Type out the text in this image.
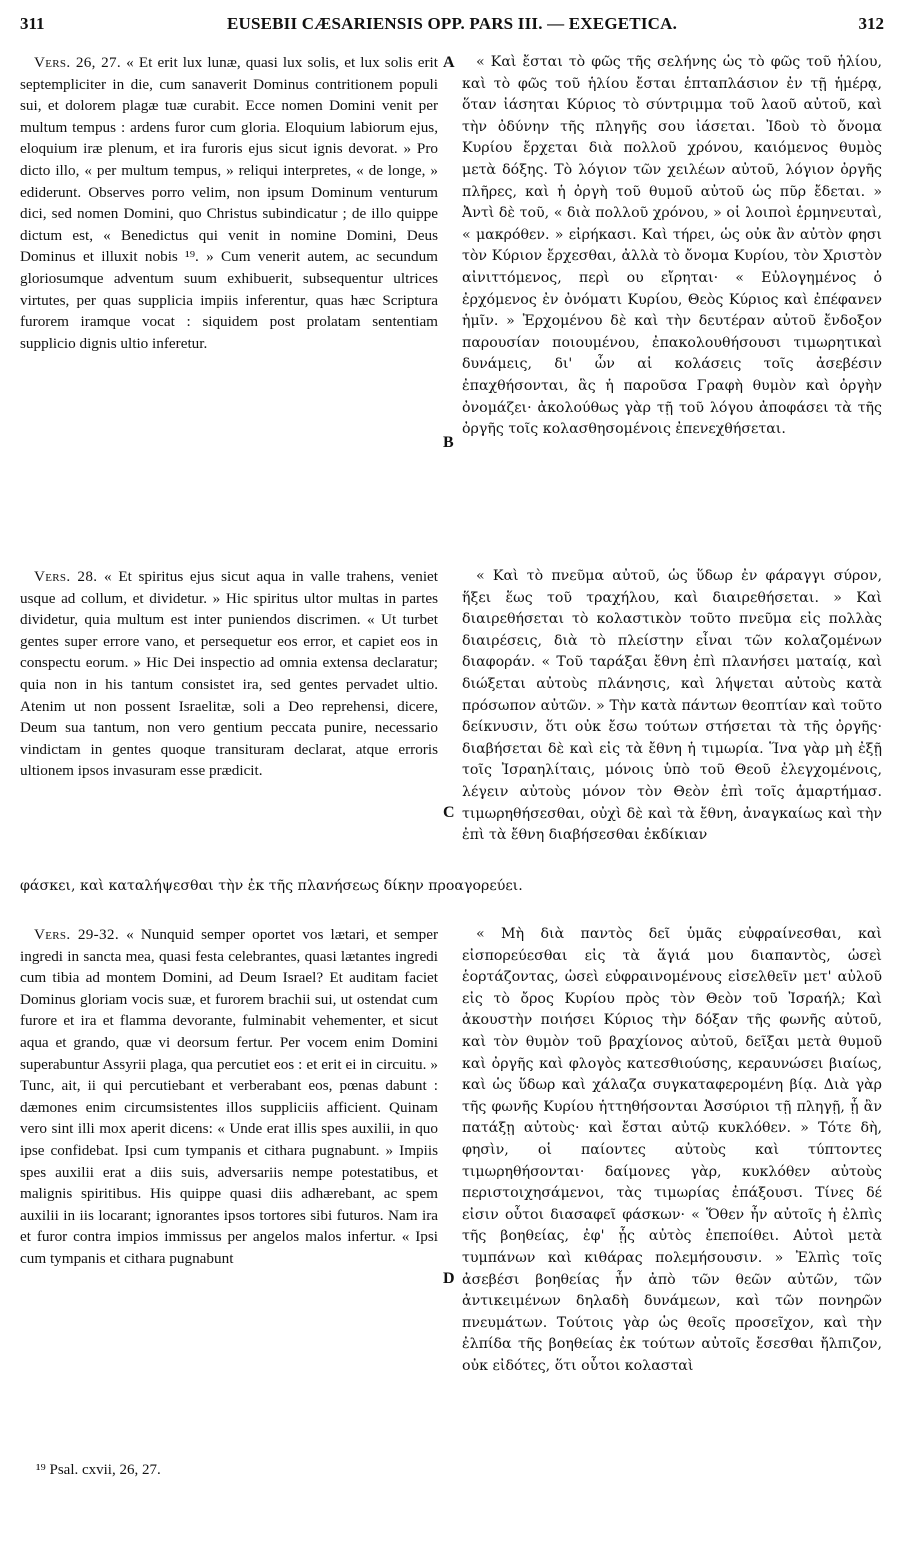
311	EUSEBII CÆSARIENSIS OPP. PARS III. — EXEGETICA.	312

Vers. 26, 27. « Et erit lux lunæ, quasi lux solis, et lux solis erit septempliciter in die, cum sanaverit Dominus contritionem populi sui, et dolorem plagæ tuæ curabit. Ecce nomen Domini venit per multum tempus : ardens furor cum gloria. Eloquium labiorum ejus, eloquium iræ plenum, et ira furoris ejus sicut ignis devorat. » Pro dicto illo, « per multum tempus, » reliqui interpretes, « de longe, » ediderunt. Observes porro velim, non ipsum Dominum venturum dici, sed nomen Domini, quo Christus subindicatur ; de illo quippe dictum est, « Benedictus qui venit in nomine Domini, Deus Dominus et illuxit nobis ¹⁹. » Cum venerit autem, ac secundum gloriosumque adventum suum exhibuerit, subsequentur ultrices virtutes, per quas supplicia impiis inferentur, quas hæc Scriptura furorem iramque vocat : siquidem post prolatam sententiam supplicio dignis ultio inferetur.

« Καὶ ἔσται τὸ φῶς τῆς σελήνης ὡς τὸ φῶς τοῦ ἡλίου, καὶ τὸ φῶς τοῦ ἡλίου ἔσται ἑπταπλάσιον ἐν τῇ ἡμέρᾳ, ὅταν ἰάσηται Κύριος τὸ σύντριμμα τοῦ λαοῦ αὐτοῦ, καὶ τὴν ὀδύνην τῆς πληγῆς σου ἰάσεται. Ἰδοὺ τὸ ὄνομα Κυρίου ἔρχεται διὰ πολλοῦ χρόνου, καιόμενος θυμὸς μετὰ δόξης. Τὸ λόγιον τῶν χειλέων αὐτοῦ, λόγιον ὀργῆς πλῆρες, καὶ ἡ ὀργὴ τοῦ θυμοῦ αὐτοῦ ὡς πῦρ ἔδεται. » Ἀντὶ δὲ τοῦ, « διὰ πολλοῦ χρόνου, » οἱ λοιποὶ ἑρμηνευταὶ, « μακρόθεν. » εἰρήκασι. Καὶ τήρει, ὡς οὐκ ἂν αὐτὸν φησι τὸν Κύριον ἔρχεσθαι, ἀλλὰ τὸ ὄνομα Κυρίου, τὸν Χριστὸν αἰνιττόμενος, περὶ ου εἴρηται· « Εὐλογημένος ὁ ἐρχόμενος ἐν ὀνόματι Κυρίου, Θεὸς Κύριος καὶ ἐπέφανεν ἡμῖν. » Ἐρχομένου δὲ καὶ τὴν δευτέραν αὐτοῦ ἔνδοξον παρουσίαν ποιουμένου, ἐπακολουθήσουσι τιμωρητικαὶ δυνάμεις, δι' ὧν αἱ κολάσεις τοῖς ἀσεβέσιν ἐπαχθήσονται, ἃς ἡ παροῦσα Γραφὴ θυμὸν καὶ ὀργὴν ὀνομάζει· ἀκολούθως γὰρ τῇ τοῦ λόγου ἀποφάσει τὰ τῆς ὀργῆς τοῖς κολασθησομένοις ἐπενεχθήσεται.

A
B

Vers. 28. « Et spiritus ejus sicut aqua in valle trahens, veniet usque ad collum, et dividetur. » Hic spiritus ultor multas in partes dividetur, quia multum est inter puniendos discrimen. « Ut turbet gentes super errore vano, et persequetur eos error, et capiet eos in conspectu eorum. » Hic Dei inspectio ad omnia extensa declaratur; quia non in his tantum consistet ira, sed gentes pervadet ultio. Atenim ut non possent Israelitæ, soli a Deo reprehensi, dicere, Deum sua tantum, non vero gentium peccata punire, necessario vindictam in gentes quoque transituram declarat, atque erroris ultionem ipsos invasuram esse prædicit.

« Καὶ τὸ πνεῦμα αὐτοῦ, ὡς ὕδωρ ἐν φάραγγι σύρον, ἥξει ἕως τοῦ τραχήλου, καὶ διαιρεθήσεται. » Καὶ διαιρεθήσεται τὸ κολαστικὸν τοῦτο πνεῦμα εἰς πολλὰς διαιρέσεις, διὰ τὸ πλείστην εἶναι τῶν κολαζομένων διαφοράν. « Τοῦ ταράξαι ἔθνη ἐπὶ πλανήσει ματαίᾳ, καὶ διώξεται αὐτοὺς πλάνησις, καὶ λήψεται αὐτοὺς κατὰ πρόσωπον αὐτῶν. » Τὴν κατὰ πάντων θεοπτίαν καὶ τοῦτο δείκνυσιν, ὅτι οὐκ ἔσω τούτων στήσεται τὰ τῆς ὀργῆς· διαβήσεται δὲ καὶ εἰς τὰ ἔθνη ἡ τιμωρία. Ἵνα γὰρ μὴ ἐξῇ τοῖς Ἰσραηλίταις, μόνοις ὑπὸ τοῦ Θεοῦ ἐλεγχομένοις, λέγειν αὐτοὺς μόνον τὸν Θεὸν ἐπὶ τοῖς ἁμαρτήμασ. τιμωρηθήσεσθαι, οὐχὶ δὲ καὶ τὰ ἔθνη, ἀναγκαίως καὶ τὴν ἐπὶ τὰ ἔθνη διαβήσεσθαι ἐκδίκιαν

C
φάσκει, καὶ καταλήψεσθαι τὴν ἐκ τῆς πλανήσεως δίκην προαγορεύει.

Vers. 29-32. « Nunquid semper oportet vos lætari, et semper ingredi in sancta mea, quasi festa celebrantes, quasi lætantes ingredi cum tibia ad montem Domini, ad Deum Israel? Et auditam faciet Dominus gloriam vocis suæ, et furorem brachii sui, ut ostendat cum furore et ira et flamma devorante, fulminabit vehementer, et sicut aqua et grando, quæ vi deorsum fertur. Per vocem enim Domini superabuntur Assyrii plaga, qua percutiet eos : et erit ei in circuitu. » Tunc, ait, ii qui percutiebant et verberabant eos, pœnas dabunt : dæmones enim circumsistentes illos suppliciis afficient. Quinam vero sint illi mox aperit dicens: « Unde erat illis spes auxilii, in quo ipse confidebat. Ipsi cum tympanis et cithara pugnabunt. » Impiis spes auxilii erat a diis suis, adversariis nempe potestatibus, et malignis spiritibus. His quippe quasi diis adhærebant, ac spem auxilii in iis locarant; ignorantes ipsos tortores sibi futuros. Nam ira et furor contra impios immissus per angelos malos infertur. « Ipsi cum tympanis et cithara pugnabunt

« Μὴ διὰ παντὸς δεῖ ὑμᾶς εὐφραίνεσθαι, καὶ εἰσπορεύεσθαι εἰς τὰ ἅγιά μου διαπαντὸς, ὡσεὶ ἑορτάζοντας, ὡσεὶ εὐφραινομένους εἰσελθεῖν μετ' αὐλοῦ εἰς τὸ ὄρος Κυρίου πρὸς τὸν Θεὸν τοῦ Ἰσραήλ; Καὶ ἀκουστὴν ποιήσει Κύριος τὴν δόξαν τῆς φωνῆς αὐτοῦ, καὶ τὸν θυμὸν τοῦ βραχίονος αὐτοῦ, δεῖξαι μετὰ θυμοῦ καὶ ὀργῆς καὶ φλογὸς κατεσθιούσης, κεραυνώσει βιαίως, καὶ ὡς ὕδωρ καὶ χάλαζα συγκαταφερομένη βίᾳ. Διὰ γὰρ τῆς φωνῆς Κυρίου ἡττηθήσονται Ἀσσύριοι τῇ πληγῇ, ᾗ ἂν πατάξῃ αὐτοὺς· καὶ ἔσται αὐτῷ κυκλόθεν. » Τότε δὴ, φησὶν, οἱ παίοντες αὐτοὺς καὶ τύπτοντες τιμωρηθήσονται· δαίμονες γὰρ, κυκλόθεν αὐτοὺς περιστοιχησάμενοι, τὰς τιμωρίας ἐπάξουσι. Τίνες δέ εἰσιν οὗτοι διασαφεῖ φάσκων· « Ὅθεν ἦν αὐτοῖς ἡ ἐλπὶς τῆς βοηθείας, ἐφ' ᾗς αὐτὸς ἐπεποίθει. Αὐτοὶ μετὰ τυμπάνων καὶ κιθάρας πολεμήσουσιν. » Ἐλπὶς τοῖς ἀσεβέσι βοηθείας ἦν ἀπὸ τῶν θεῶν αὐτῶν, τῶν ἀντικειμένων δηλαδὴ δυνάμεων, καὶ τῶν πονηρῶν πνευμάτων. Τούτοις γὰρ ὡς θεοῖς προσεῖχον, καὶ τὴν ἐλπίδα τῆς βοηθείας ἐκ τούτων αὐτοῖς ἔσεσθαι ἤλπιζον, οὐκ εἰδότες, ὅτι οὗτοι κολασταὶ

D
¹⁹ Psal. cxvii, 26, 27.
